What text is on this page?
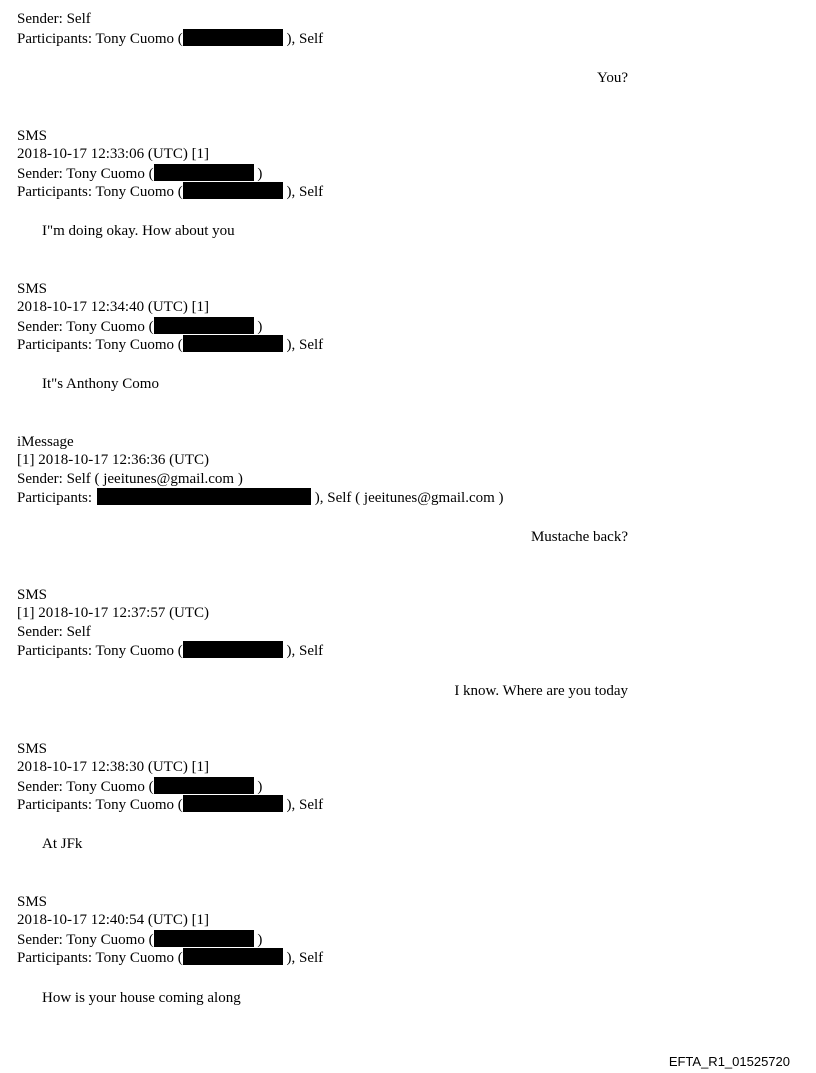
Sender: Self
Participants: Tony Cuomo (	), Self
You?
SMS
2018-10-17 12:33:06 (UTC) [1]
Sender: Tony Cuomo (	)
Participants: Tony Cuomo (	), Self
I"m doing okay. How about you
SMS
2018-10-17 12:34:40 (UTC) [1]
Sender: Tony Cuomo (	)
Participants: Tony Cuomo (	), Self
It"s Anthony Como
iMessage
[1] 2018-10-17 12:36:36 (UTC)
Sender: Self ( jeeitunes@gmail.com )
Participants:	), Self ( jeeitunes@gmail.com )
Mustache back?
SMS
[1] 2018-10-17 12:37:57 (UTC)
Sender: Self
Participants: Tony Cuomo (	), Self
I know. Where are you today
SMS
2018-10-17 12:38:30 (UTC) [1]
Sender: Tony Cuomo (	)
Participants: Tony Cuomo (	), Self
At JFk
SMS
2018-10-17 12:40:54 (UTC) [1]
Sender: Tony Cuomo (	)
Participants: Tony Cuomo (	), Self
How is your house coming along
EFTA_R1_01525720
